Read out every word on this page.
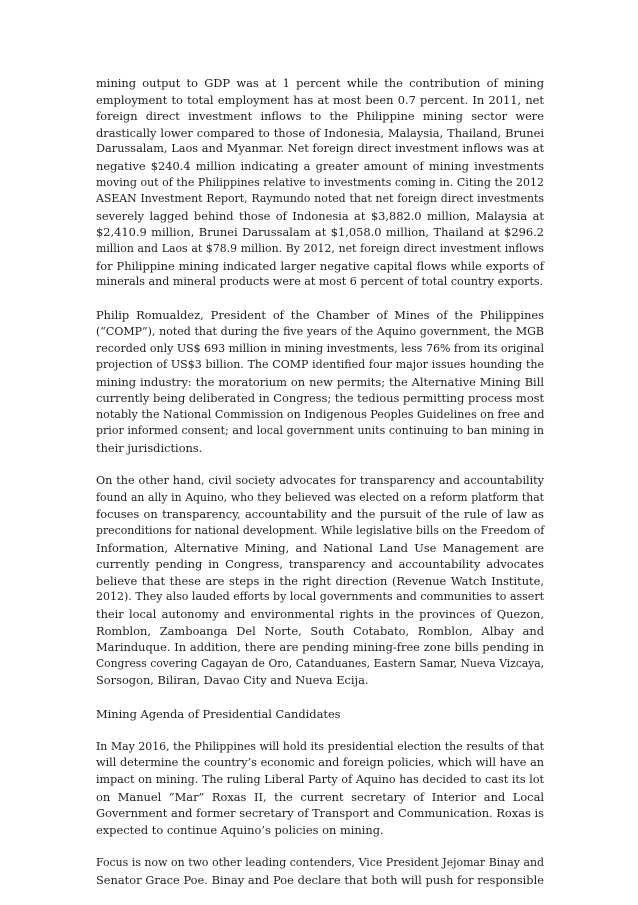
mining output to GDP was at 1 percent while the contribution of mining
employment to total employment has at most been 0.7 percent. In 2011, net
foreign direct investment inflows to the Philippine mining sector were
drastically lower compared to those of Indonesia, Malaysia, Thailand, Brunei
Darussalam, Laos and Myanmar. Net foreign direct investment inflows was at
negative $240.4 million indicating a greater amount of mining investments
moving out of the Philippines relative to investments coming in. Citing the 2012
ASEAN Investment Report, Raymundo noted that net foreign direct investments
severely lagged behind those of Indonesia at $3,882.0 million, Malaysia at
$2,410.9 million, Brunei Darussalam at $1,058.0 million, Thailand at $296.2
million and Laos at $78.9 million. By 2012, net foreign direct investment inflows
for Philippine mining indicated larger negative capital flows while exports of
minerals and mineral products were at most 6 percent of total country exports.
Philip Romualdez, President of the Chamber of Mines of the Philippines
(“COMP”), noted that during the five years of the Aquino government, the MGB
recorded only US$ 693 million in mining investments, less 76% from its original
projection of US$3 billion. The COMP identified four major issues hounding the
mining industry: the moratorium on new permits; the Alternative Mining Bill
currently being deliberated in Congress; the tedious permitting process most
notably the National Commission on Indigenous Peoples Guidelines on free and
prior informed consent; and local government units continuing to ban mining in
their jurisdictions.
On the other hand, civil society advocates for transparency and accountability
found an ally in Aquino, who they believed was elected on a reform platform that
focuses on transparency, accountability and the pursuit of the rule of law as
preconditions for national development. While legislative bills on the Freedom of
Information, Alternative Mining, and National Land Use Management are
currently pending in Congress, transparency and accountability advocates
believe that these are steps in the right direction (Revenue Watch Institute,
2012). They also lauded efforts by local governments and communities to assert
their local autonomy and environmental rights in the provinces of Quezon,
Romblon, Zamboanga Del Norte, South Cotabato, Romblon, Albay and
Marinduque. In addition, there are pending mining-free zone bills pending in
Congress covering Cagayan de Oro, Catanduanes, Eastern Samar, Nueva Vizcaya,
Sorsogon, Biliran, Davao City and Nueva Ecija.
Mining Agenda of Presidential Candidates
In May 2016, the Philippines will hold its presidential election the results of that
will determine the country’s economic and foreign policies, which will have an
impact on mining. The ruling Liberal Party of Aquino has decided to cast its lot
on Manuel “Mar” Roxas II, the current secretary of Interior and Local
Government and former secretary of Transport and Communication. Roxas is
expected to continue Aquino’s policies on mining.
Focus is now on two other leading contenders, Vice President Jejomar Binay and
Senator Grace Poe. Binay and Poe declare that both will push for responsible
